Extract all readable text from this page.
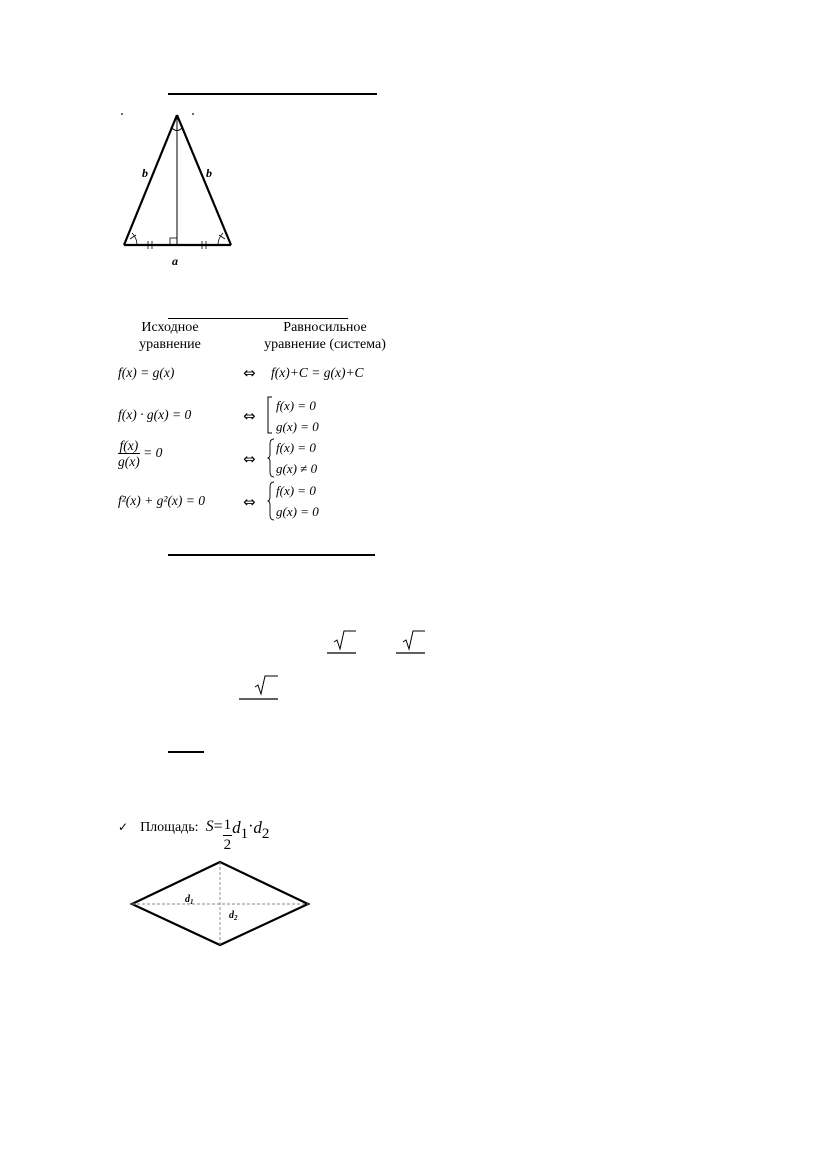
b	b
a
Исходное
уравнение
Равносильное
уравнение (система)
f(x) = g(x)	⇔ f(x)+C = g(x)+C
f(x) · g(x) = 0	⇔
f(x) = 0
g(x) = 0
$\frac{f(x)}{g(x)} = 0$	⇔
f(x) = 0
g(x) ≠ 0
f²(x) + g²(x) = 0	⇔
f(x) = 0
g(x) = 0
✓ Площадь: $S= \frac{1}{2} d_1\cdot d_2$
$d_1$
$d_2$
